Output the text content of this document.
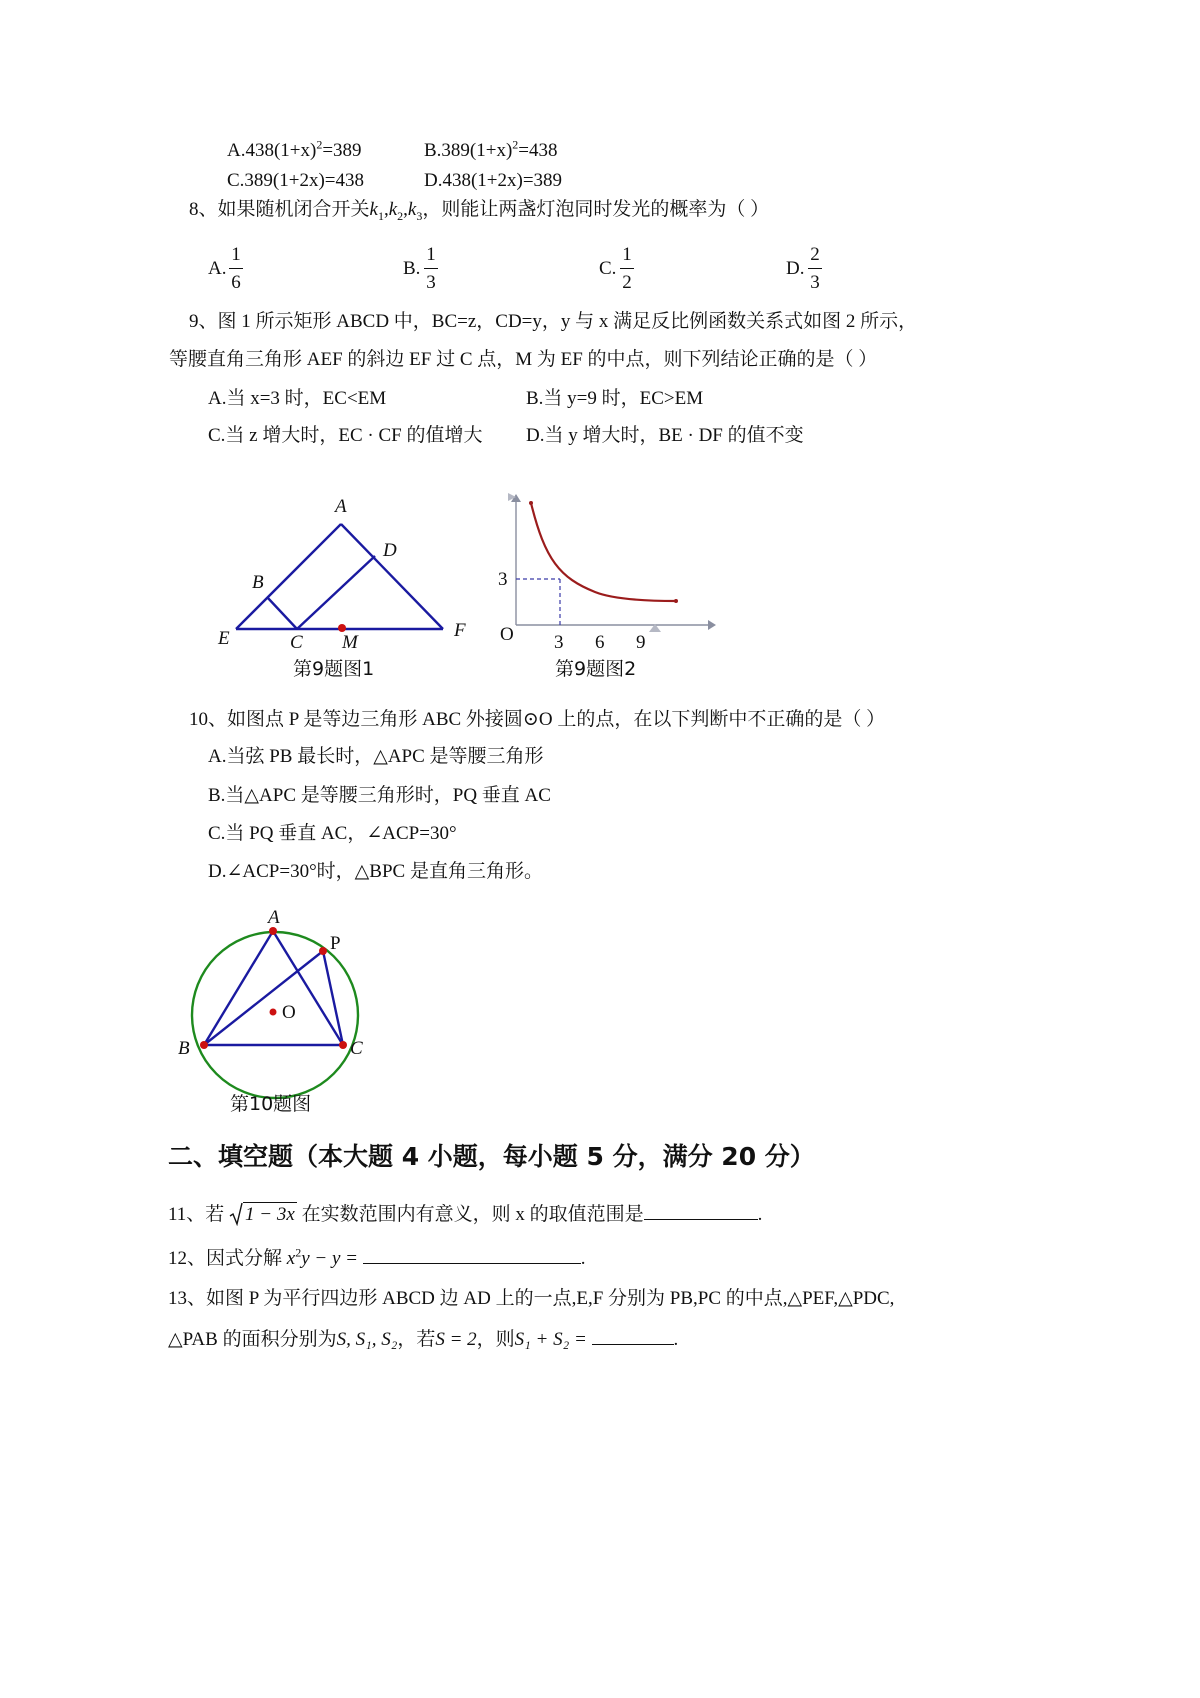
$A.438(1+x)^2=389$	$B.389(1+x)^2=438$
C.389(1+2x)=438	D.438(1+2x)=389
8、如果随机闭合开关$k_1,k_2,k_3$，则能让两盏灯泡同时发光的概率为（ ）
A.
1
6
B.
1
3
C.
1
2
D.
2
3
9、图 1 所示矩形 ABCD 中，BC=z，CD=y，y 与 x 满足反比例函数关系式如图 2 所示，
等腰直角三角形 AEF 的斜边 EF 过 C 点，M 为 EF 的中点，则下列结论正确的是（ ）
A.当 x=3 时，EC<EM	B.当 y=9 时，EC>EM
C.当 z 增大时，EC · CF 的值增大 D.当 y 增大时，BE · DF 的值不变
A
B
C
D
E	F
M
第9题图1
O
3
3 6 9
第9题图2
10、如图点 P 是等边三角形 ABC 外接圆⊙O 上的点，在以下判断中不正确的是（ ）
A.当弦 PB 最长时，△APC 是等腰三角形
B.当△APC 是等腰三角形时，PQ 垂直 AC
C.当 PQ 垂直 AC，∠ACP=30°
D.∠ACP=30°时，△BPC 是直角三角形。
A
P
O
B	C
第10题图
二、填空题（本大题 4 小题，每小题 5 分，满分 20 分）
11、若 1 − 3x 在实数范围内有意义，则 x 的取值范围是	.
12、因式分解 $x^2y - y$ =	.
13、如图 P 为平行四边形 ABCD 边 AD 上的一点,E,F 分别为 PB,PC 的中点,△PEF,△PDC,
△PAB 的面积分别为S, S₁, S₂，若S = 2，则S₁ + S₂ =	.
